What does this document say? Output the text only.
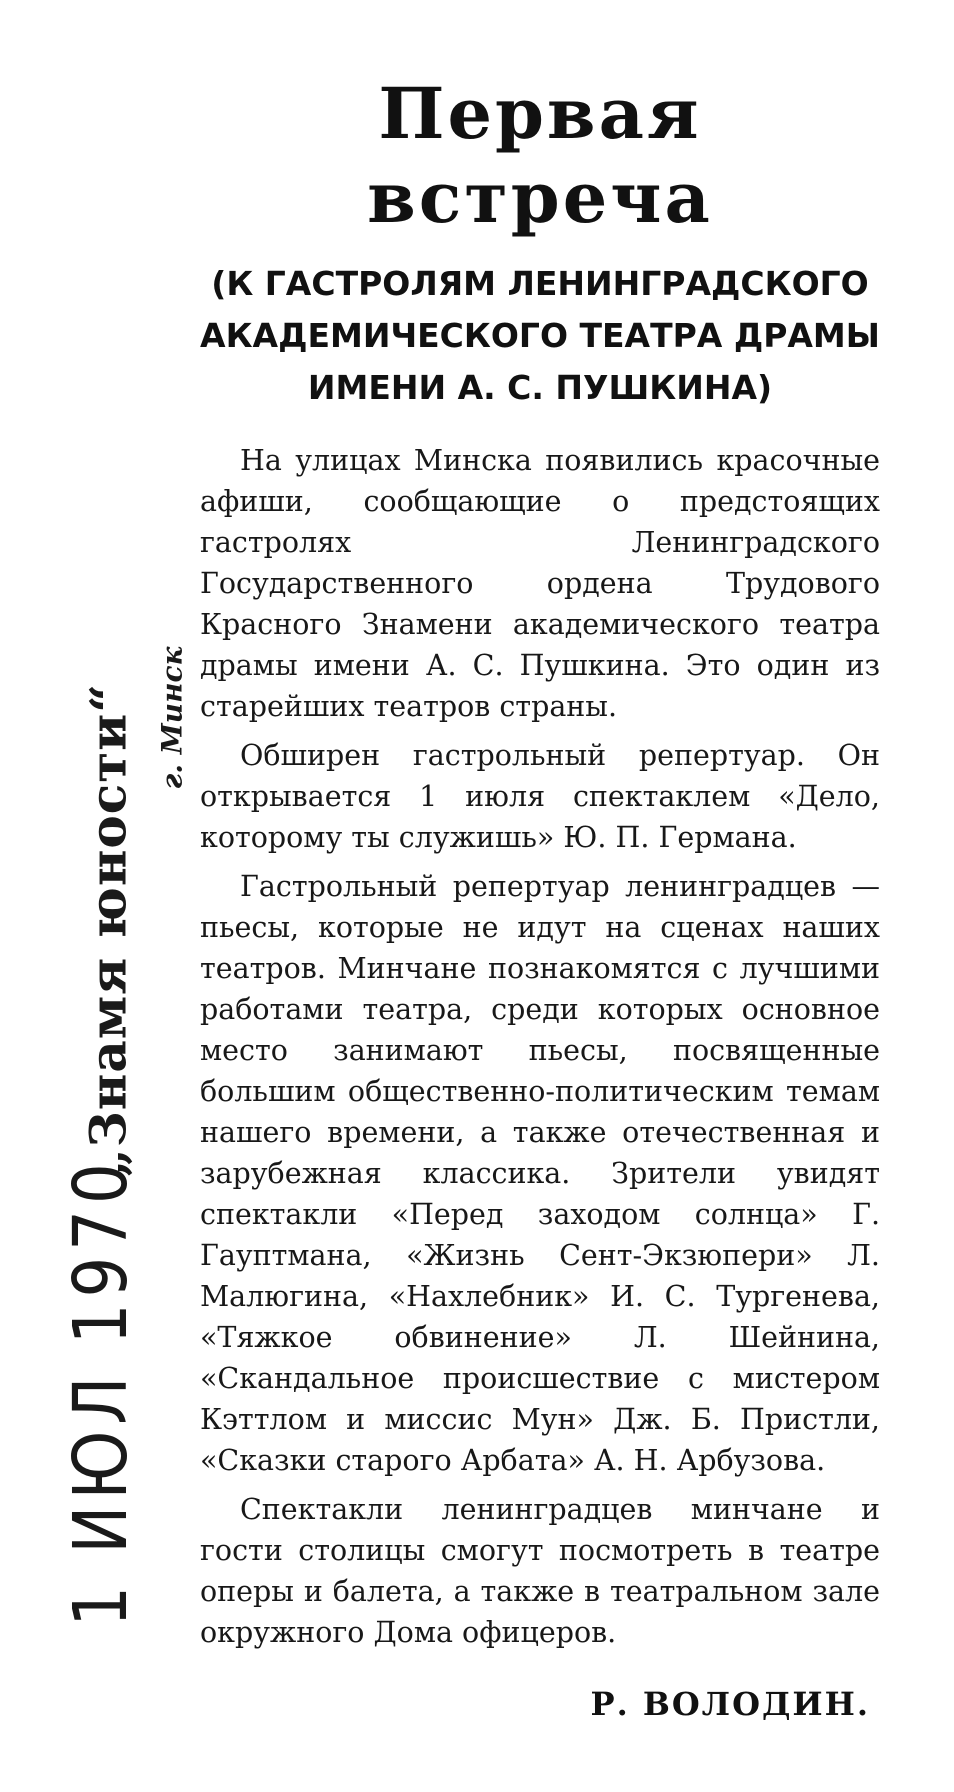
„Знамя юности“ г. Минск
1 ИЮЛ 1970
Первая встреча
(К ГАСТРОЛЯМ ЛЕНИНГРАДСКОГО АКАДЕМИЧЕСКОГО ТЕАТРА ДРАМЫ ИМЕНИ А. С. ПУШКИНА)

На улицах Минска появились красочные афиши, сообщающие о предстоящих гастролях Ленинградского Государственного ордена Трудового Красного Знамени академического театра драмы имени А. С. Пушкина. Это один из старейших театров страны.

Обширен гастрольный репертуар. Он открывается 1 июля спектаклем «Дело, которому ты служишь» Ю. П. Германа.

Гастрольный репертуар ленинградцев — пьесы, которые не идут на сценах наших театров. Минчане познакомятся с лучшими работами театра, среди которых основное место занимают пьесы, посвященные большим общественно-политическим темам нашего времени, а также отечественная и зарубежная классика. Зрители увидят спектакли «Перед заходом солнца» Г. Гауптмана, «Жизнь Сент-Экзюпери» Л. Малюгина, «Нахлебник» И. С. Тургенева, «Тяжкое обвинение» Л. Шейнина, «Скандальное происшествие с мистером Кэттлом и миссис Мун» Дж. Б. Пристли, «Сказки старого Арбата» А. Н. Арбузова.

Спектакли ленинградцев минчане и гости столицы смогут посмотреть в театре оперы и балета, а также в театральном зале окружного Дома офицеров.

Р. ВОЛОДИН.
